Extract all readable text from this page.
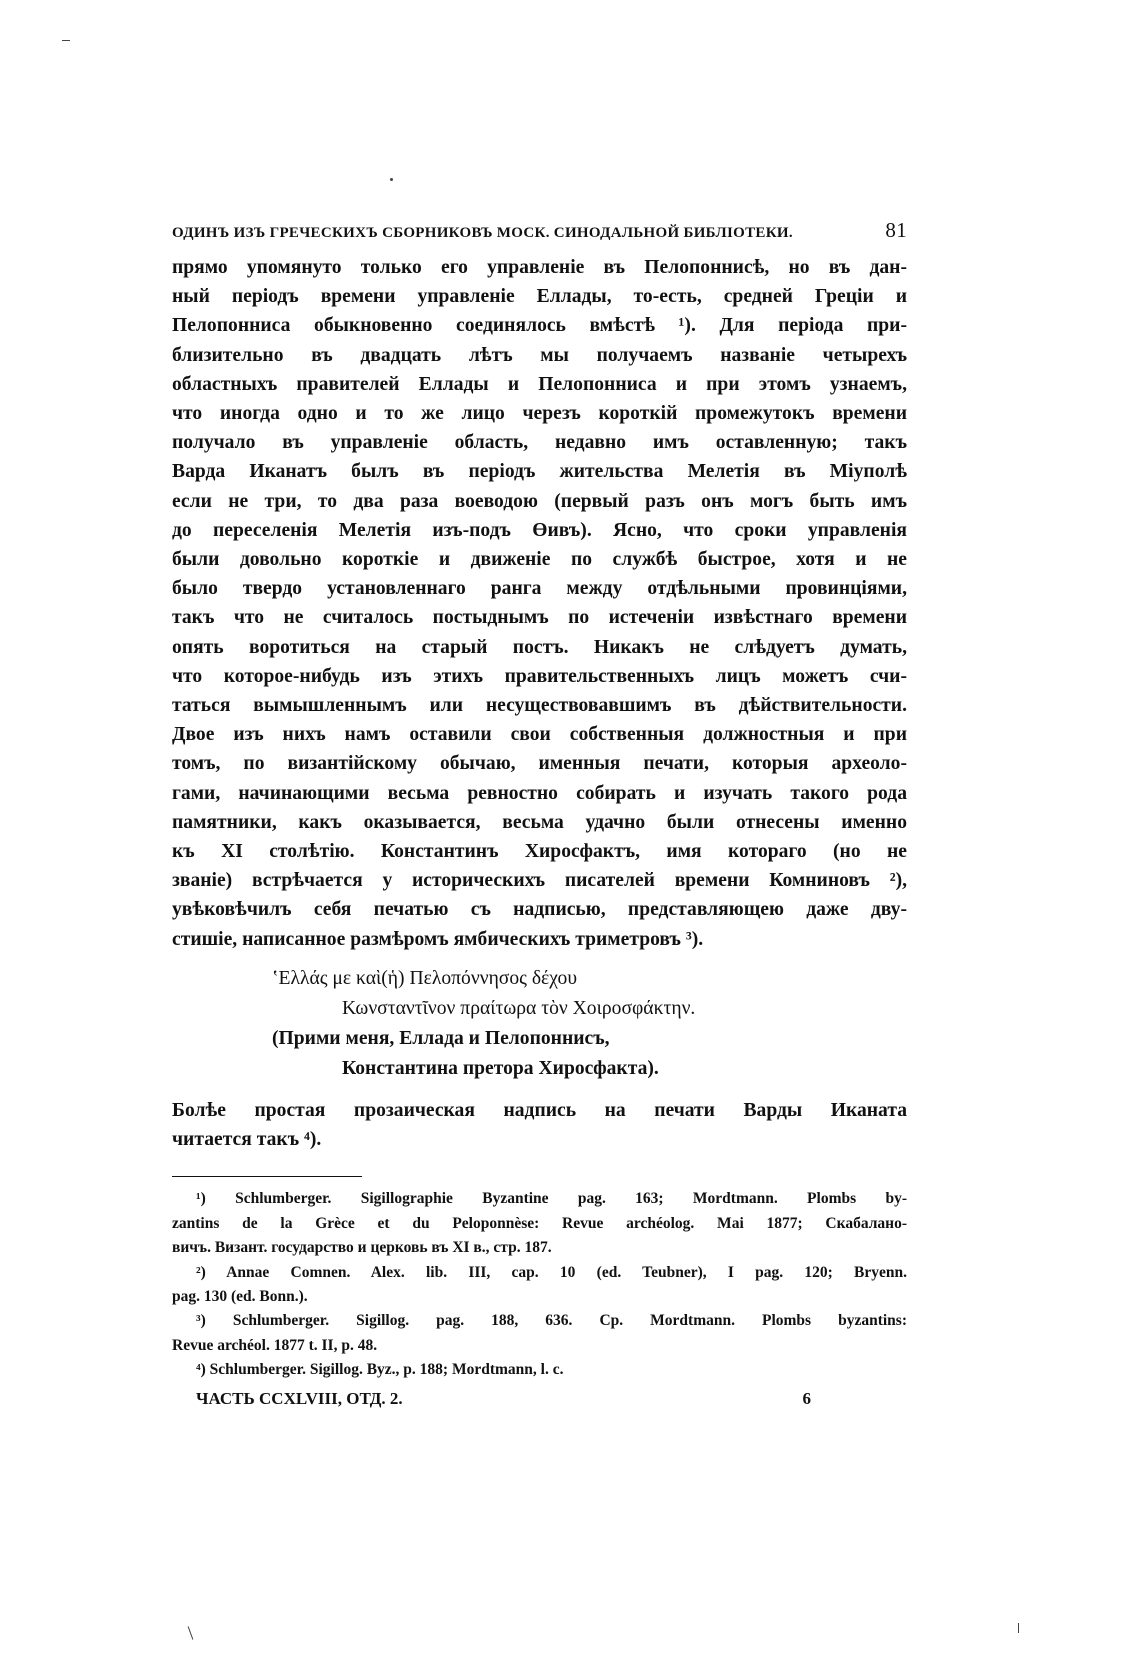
ОДИНЪ ИЗЪ ГРЕЧЕСКИХЪ СБОРНИКОВЪ МОСК. СИНОДАЛЬНОЙ БИБЛІОТЕКИ.	81
прямо упомянуто только его управленіе въ Пелопоннисѣ, но въ дан-
ный періодъ времени управленіе Еллады, то-есть, средней Греціи и
Пелопонниса обыкновенно соединялось вмѣстѣ ¹). Для періода при-
близительно въ двадцать лѣтъ мы получаемъ названіе четырехъ
областныхъ правителей Еллады и Пелопонниса и при этомъ узнаемъ,
что иногда одно и то же лицо черезъ короткій промежутокъ времени
получало въ управленіе область, недавно имъ оставленную; такъ
Варда Иканатъ былъ въ періодъ жительства Мелетія въ Міуполѣ
если не три, то два раза воеводою (первый разъ онъ могъ быть имъ
до переселенія Мелетія изъ-подъ Өивъ). Ясно, что сроки управленія
были довольно короткіе и движеніе по службѣ быстрое, хотя и не
было твердо установленнаго ранга между отдѣльными провинціями,
такъ что не считалось постыднымъ по истеченіи извѣстнаго времени
опять воротиться на старый постъ. Никакъ не слѣдуетъ думать,
что которое-нибудь изъ этихъ правительственныхъ лицъ можетъ счи-
таться вымышленнымъ или несуществовавшимъ въ дѣйствительности.
Двое изъ нихъ намъ оставили свои собственныя должностныя и при
томъ, по византійскому обычаю, именныя печати, которыя археоло-
гами, начинающими весьма ревностно собирать и изучать такого рода
памятники, какъ оказывается, весьма удачно были отнесены именно
къ XI столѣтію. Константинъ Хиросфактъ, имя котораго (но не
званіе) встрѣчается у историческихъ писателей времени Комниновъ ²),
увѣковѣчилъ себя печатью съ надписью, представляющею даже дву-
стишіе, написанное размѣромъ ямбическихъ триметровъ ³).
ʽΕλλάς με καὶ(ἡ) Πελοπόννησος δέχου
Κωνσταντῖνον πραίτωρα τὸν Χοιροσφάκτην.
(Прими меня, Еллада и Пелопоннисъ,
Константина претора Хиросфакта).
Болѣе простая прозаическая надпись на печати Варды Иканата
читается такъ ⁴).
¹) Schlumberger. Sigillographie Byzantine pag. 163; Mordtmann. Plombs by-
zantins de la Grèce et du Peloponnèse: Revue archéolog. Mai 1877; Скабалано-
вичъ. Визант. государство и церковь въ XI в., стр. 187.
²) Annae Comnen. Alex. lib. III, cap. 10 (ed. Teubner), I pag. 120; Bryenn.
pag. 130 (ed. Bonn.).
³) Schlumberger. Sigillog. pag. 188, 636. Cp. Mordtmann. Plombs byzantins:
Revue archéol. 1877 t. II, p. 48.
⁴) Schlumberger. Sigillog. Byz., p. 188; Mordtmann, l. c.
ЧАСТЬ CCXLVIII, ОТД. 2.	6
